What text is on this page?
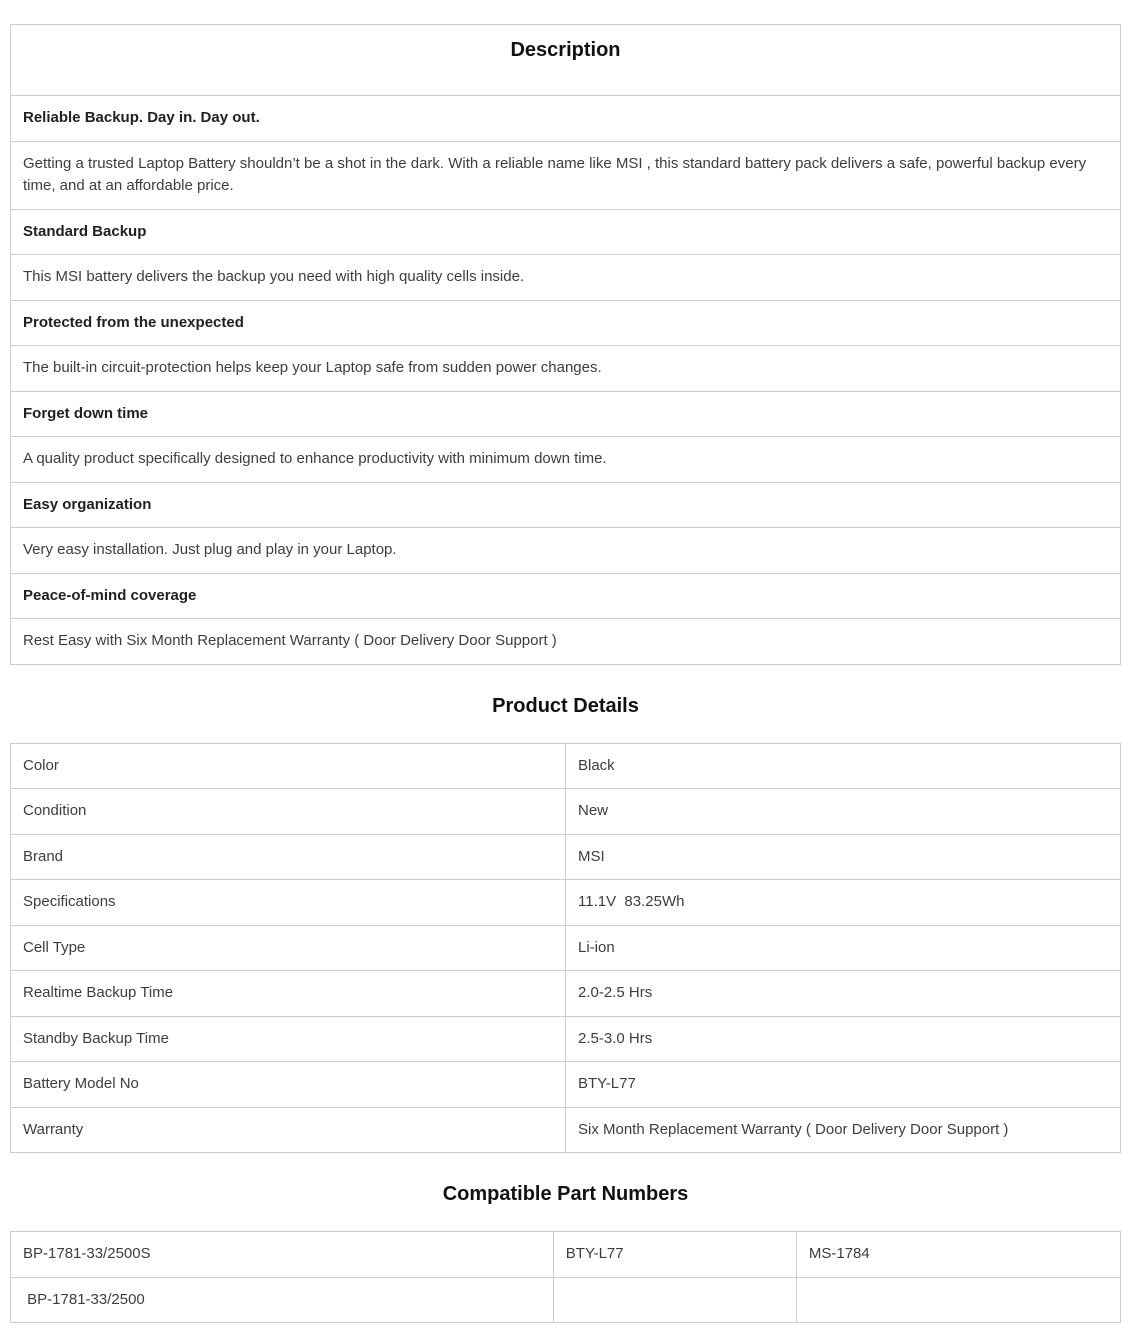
Description
Reliable Backup. Day in. Day out.
Getting a trusted Laptop Battery shouldn’t be a shot in the dark. With a reliable name like MSI , this standard battery pack delivers a safe, powerful backup every time, and at an affordable price.
Standard Backup
This MSI battery delivers the backup you need with high quality cells inside.
Protected from the unexpected
The built-in circuit-protection helps keep your Laptop safe from sudden power changes.
Forget down time
A quality product specifically designed to enhance productivity with minimum down time.
Easy organization
Very easy installation. Just plug and play in your Laptop.
Peace-of-mind coverage
Rest Easy with Six Month Replacement Warranty ( Door Delivery Door Support )
Product Details
Color	Black
Condition	New
Brand	MSI
Specifications	11.1V  83.25Wh
Cell Type	Li-ion
Realtime Backup Time	2.0-2.5 Hrs
Standby Backup Time	2.5-3.0 Hrs
Battery Model No	BTY-L77
Warranty	Six Month Replacement Warranty ( Door Delivery Door Support )
Compatible Part Numbers
BP-1781-33/2500S	BTY-L77	MS-1784
BP-1781-33/2500		
